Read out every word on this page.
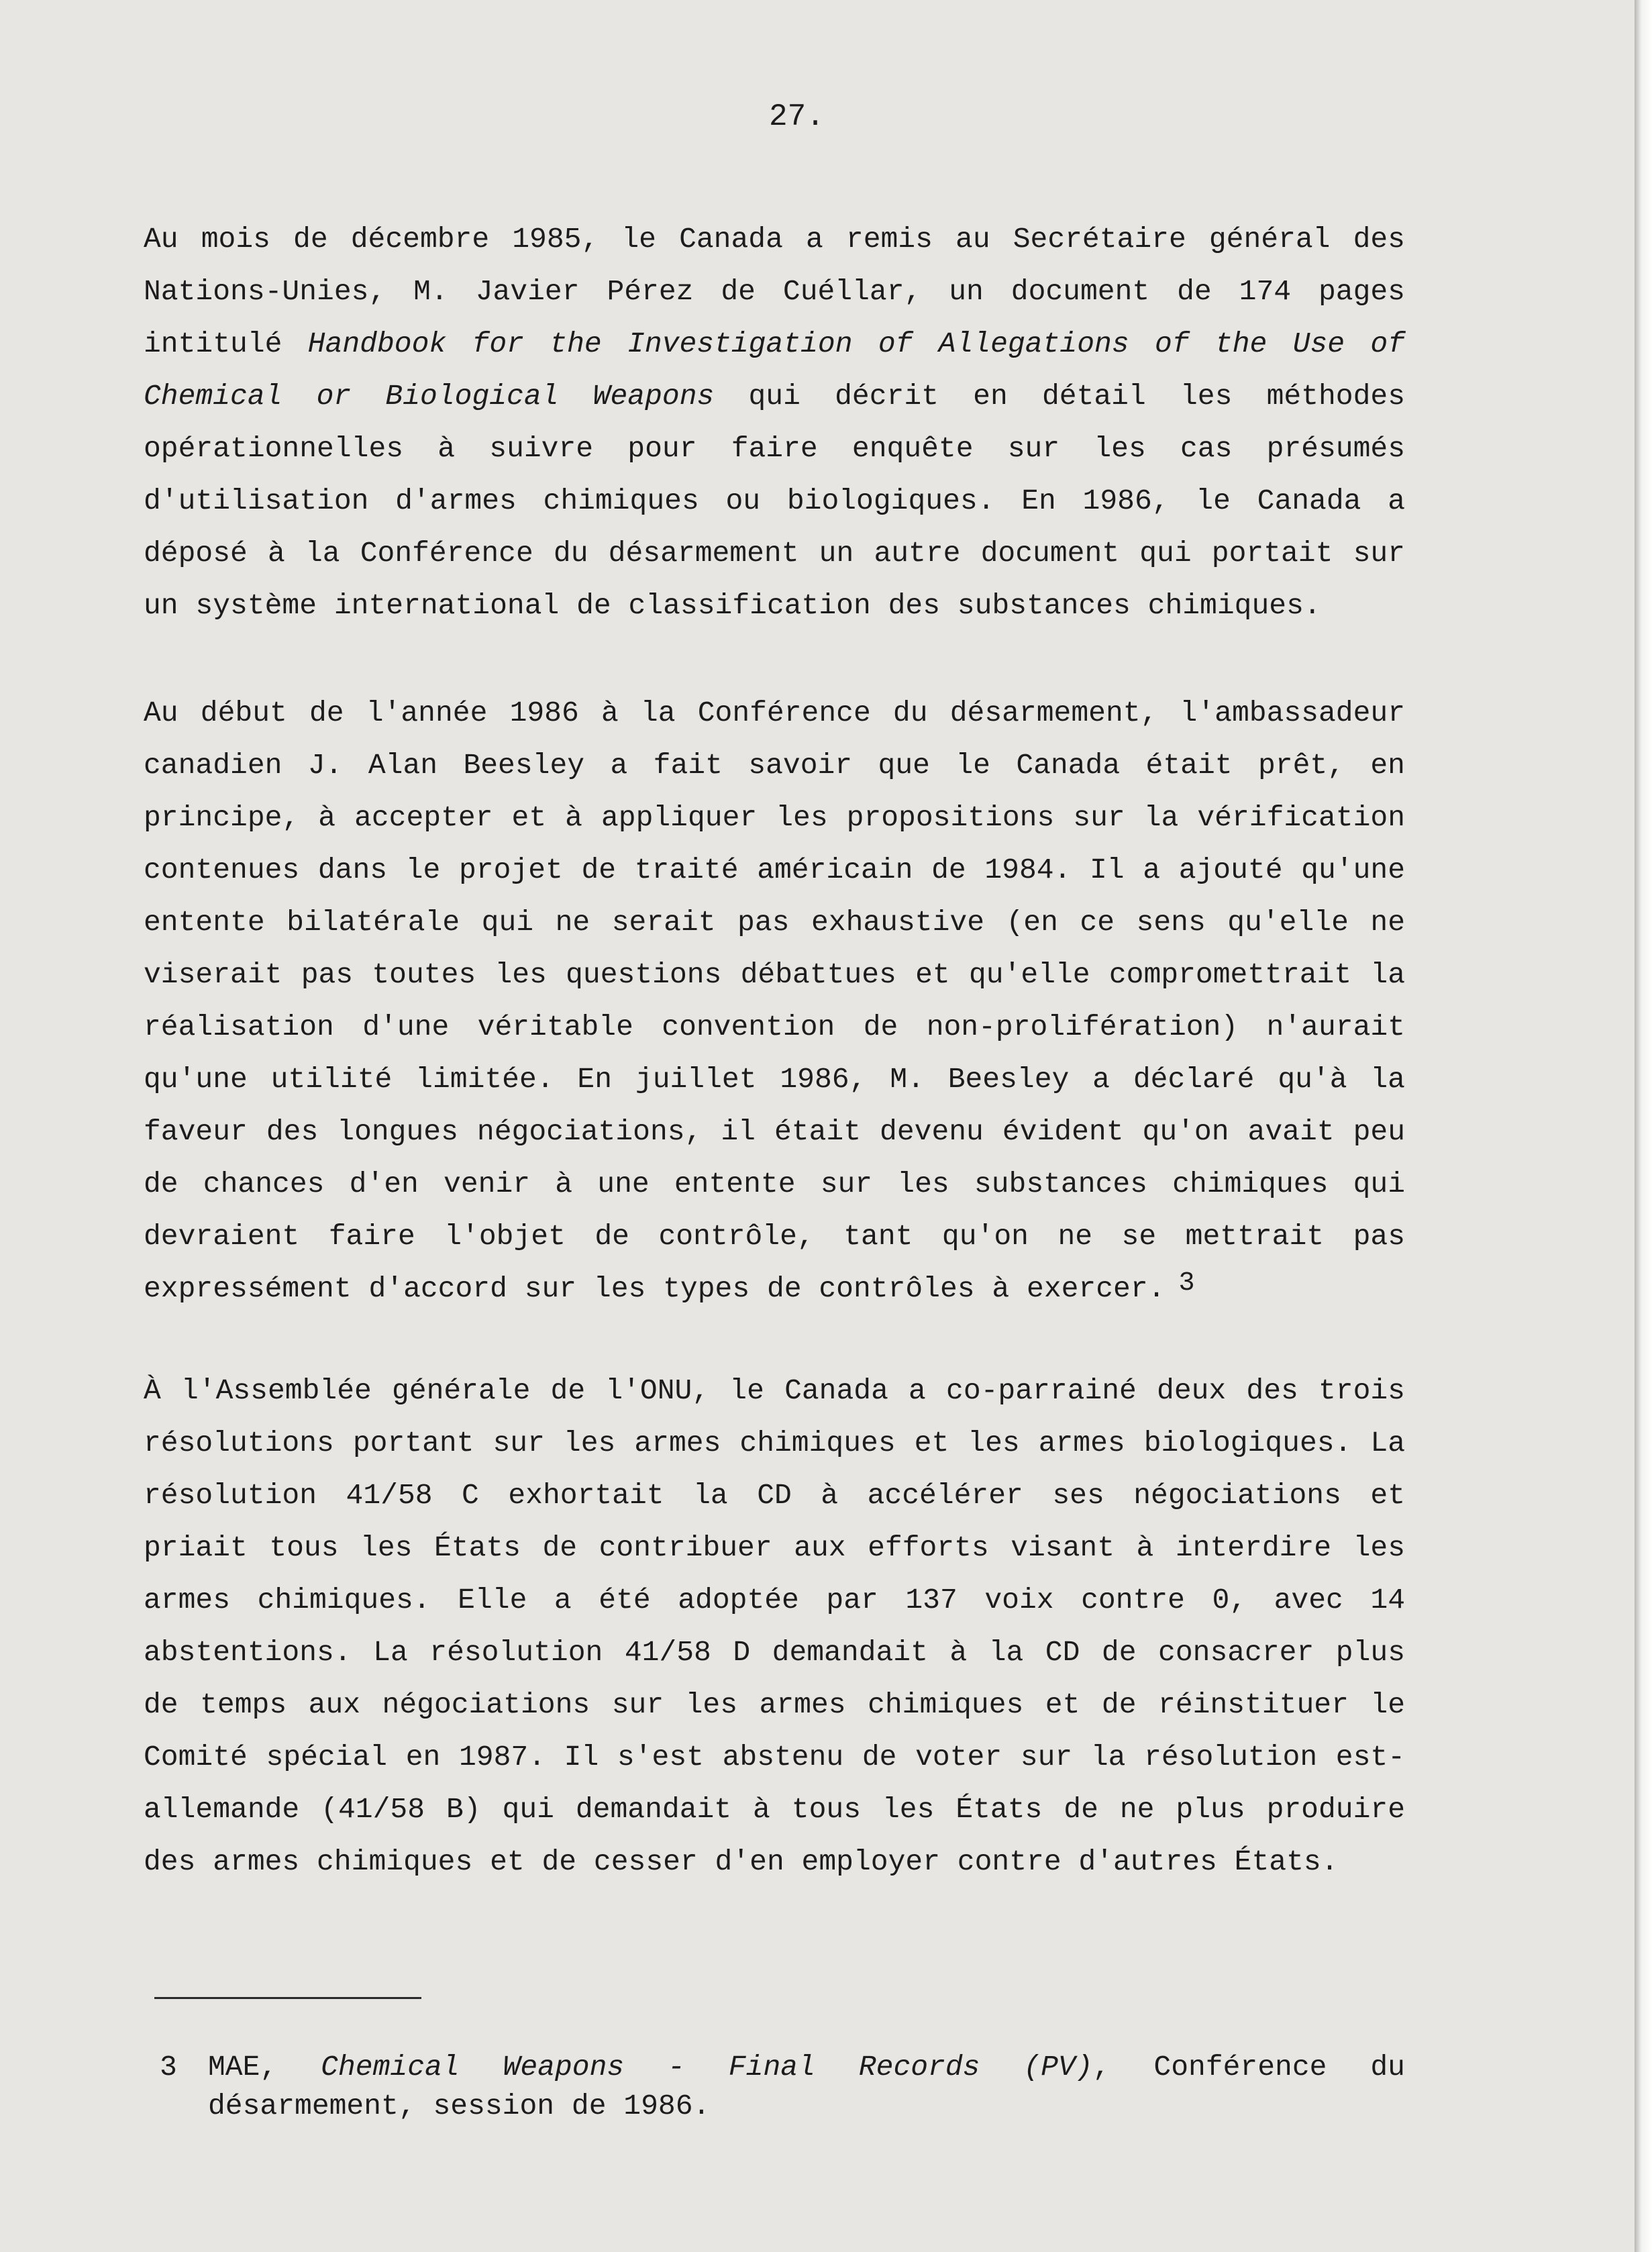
27.

Au mois de décembre 1985, le Canada a remis au Secrétaire général des Nations-Unies, M. Javier Pérez de Cuéllar, un document de 174 pages intitulé Handbook for the Investigation of Allegations of the Use of Chemical or Biological Weapons qui décrit en détail les méthodes opérationnelles à suivre pour faire enquête sur les cas présumés d'utilisation d'armes chimiques ou biologiques. En 1986, le Canada a déposé à la Conférence du désarmement un autre document qui portait sur un système international de classification des substances chimiques.

Au début de l'année 1986 à la Conférence du désarmement, l'ambassadeur canadien J. Alan Beesley a fait savoir que le Canada était prêt, en principe, à accepter et à appliquer les propositions sur la vérification contenues dans le projet de traité américain de 1984. Il a ajouté qu'une entente bilatérale qui ne serait pas exhaustive (en ce sens qu'elle ne viserait pas toutes les questions débattues et qu'elle compromettrait la réalisation d'une véritable convention de non-prolifération) n'aurait qu'une utilité limitée. En juillet 1986, M. Beesley a déclaré qu'à la faveur des longues négociations, il était devenu évident qu'on avait peu de chances d'en venir à une entente sur les substances chimiques qui devraient faire l'objet de contrôle, tant qu'on ne se mettrait pas expressément d'accord sur les types de contrôles à exercer. 3

À l'Assemblée générale de l'ONU, le Canada a co-parrainé deux des trois résolutions portant sur les armes chimiques et les armes biologiques. La résolution 41/58 C exhortait la CD à accélérer ses négociations et priait tous les États de contribuer aux efforts visant à interdire les armes chimiques. Elle a été adoptée par 137 voix contre 0, avec 14 abstentions. La résolution 41/58 D demandait à la CD de consacrer plus de temps aux négociations sur les armes chimiques et de réinstituer le Comité spécial en 1987. Il s'est abstenu de voter sur la résolution est-allemande (41/58 B) qui demandait à tous les États de ne plus produire des armes chimiques et de cesser d'en employer contre d'autres États.

3 MAE, Chemical Weapons - Final Records (PV), Conférence du désarmement, session de 1986.
